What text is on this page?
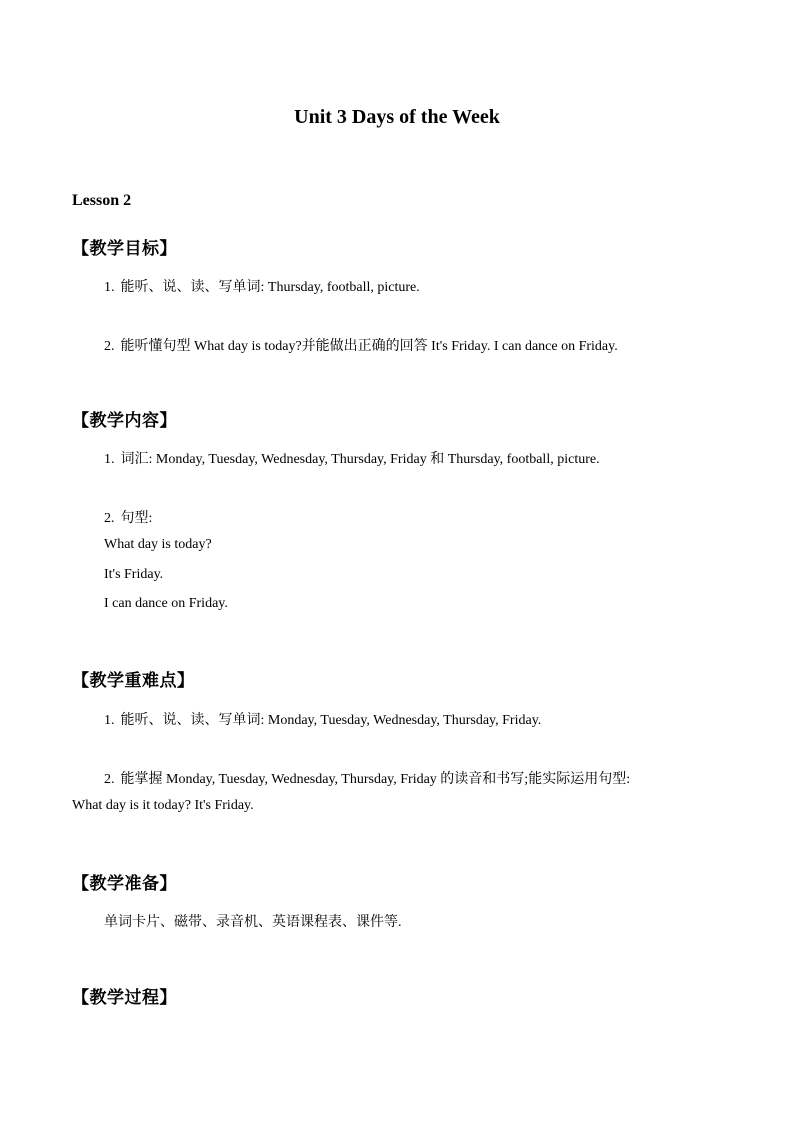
Unit 3 Days of the Week

Lesson 2

【教学目标】

1. 能听、说、读、写单词: Thursday, football, picture.

2. 能听懂句型 What day is today?并能做出正确的回答 It's Friday. I can dance on Friday.

【教学内容】

1. 词汇: Monday, Tuesday, Wednesday, Thursday, Friday 和 Thursday, football, picture.

2. 句型:

What day is today?

It's Friday.

I can dance on Friday.

【教学重难点】

1. 能听、说、读、写单词: Monday, Tuesday, Wednesday, Thursday, Friday.

2. 能掌握 Monday, Tuesday, Wednesday, Thursday, Friday 的读音和书写;能实际运用句型:

What day is it today? It's Friday.

【教学准备】

单词卡片、磁带、录音机、英语课程表、课件等.

【教学过程】
